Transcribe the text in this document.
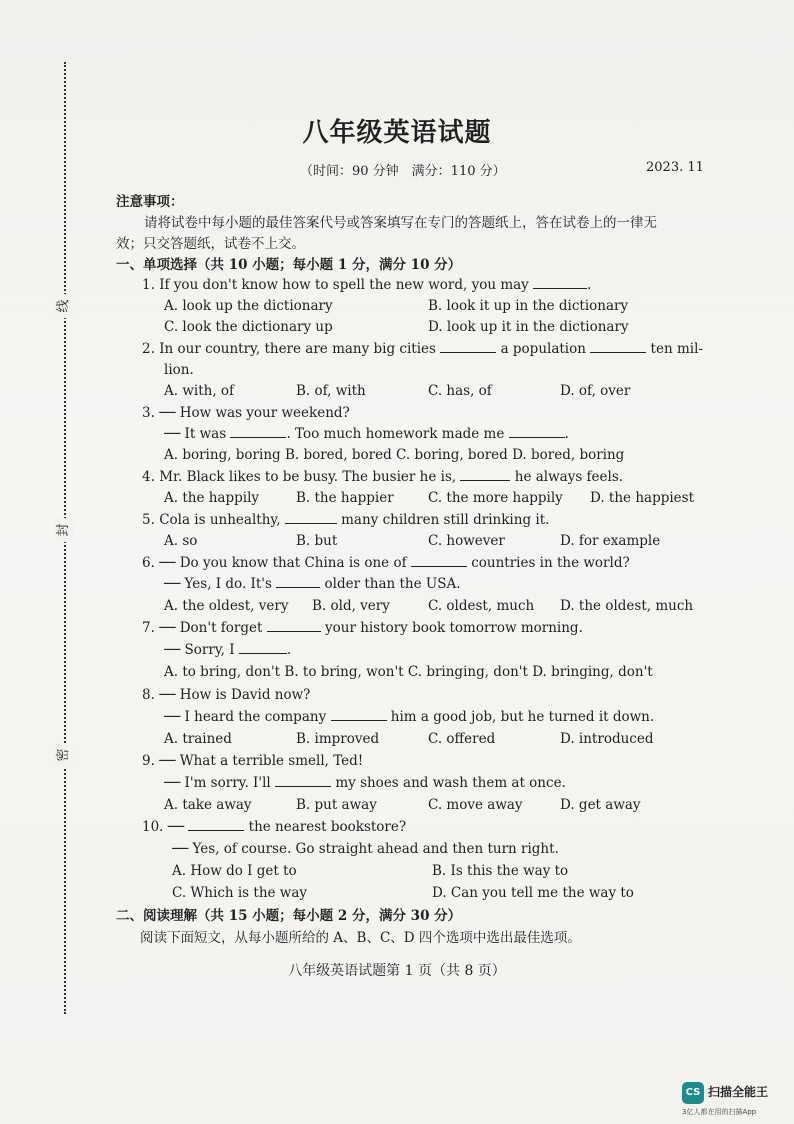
线
封
密
八年级英语试题
（时间：90 分钟　满分：110 分）	2023. 11
注意事项：
请将试卷中每小题的最佳答案代号或答案填写在专门的答题纸上，答在试卷上的一律无
效；只交答题纸，试卷不上交。
一、单项选择（共 10 小题；每小题 1 分，满分 10 分）
1. If you don't know how to spell the new word, you may	.
A. look up the dictionary	B. look it up in the dictionary
C. look the dictionary up	D. look up it in the dictionary
2. In our country, there are many big cities	a population	ten mil-
lion.
A. with, of	B. of, with	C. has, of	D. of, over
3. ── How was your weekend?
── It was	. Too much homework made me	.
A. boring, boring B. bored, bored C. boring, bored D. bored, boring
4. Mr. Black likes to be busy. The busier he is,	he always feels.
A. the happily	B. the happier	C. the more happily D. the happiest
5. Cola is unhealthy,	many children still drinking it.
A. so	B. but	C. however	D. for example
6. ── Do you know that China is one of	countries in the world?
── Yes, I do. It's	older than the USA.
A. the oldest, very B. old, very	C. oldest, much D. the oldest, much
7. ── Don't forget	your history book tomorrow morning.
── Sorry, I	.
A. to bring, don't B. to bring, won't C. bringing, don't D. bringing, don't
8. ── How is David now?
── I heard the company	him a good job, but he turned it down.
A. trained	B. improved	C. offered	D. introduced
9. ── What a terrible smell, Ted!
── I'm sorry. I'll	my shoes and wash them at once.
A. take away	B. put away	C. move away	D. get away
10. ──	the nearest bookstore?
── Yes, of course. Go straight ahead and then turn right.
A. How do I get to	B. Is this the way to
C. Which is the way	D. Can you tell me the way to
二、阅读理解（共 15 小题；每小题 2 分，满分 30 分）
阅读下面短文，从每小题所给的 A、B、C、D 四个选项中选出最佳选项。
八年级英语试题第 1 页（共 8 页）
CS 扫描全能王
3亿人都在用的扫描App
